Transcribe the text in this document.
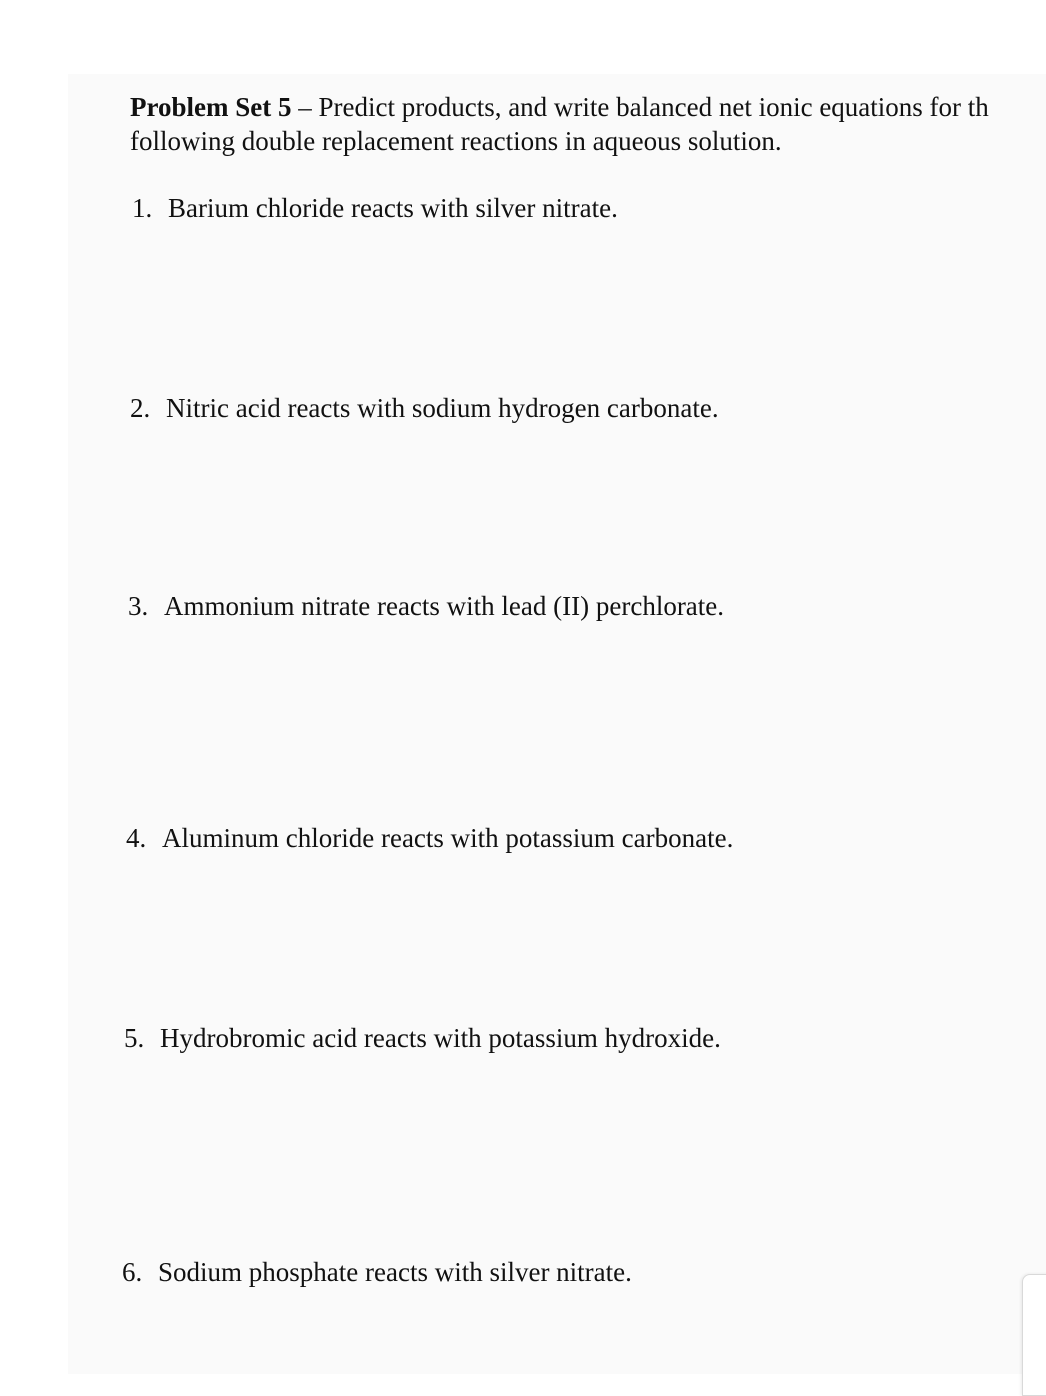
Problem Set 5 – Predict products, and write balanced net ionic equations for th
following double replacement reactions in aqueous solution.
1. Barium chloride reacts with silver nitrate.
2. Nitric acid reacts with sodium hydrogen carbonate.
3. Ammonium nitrate reacts with lead (II) perchlorate.
4. Aluminum chloride reacts with potassium carbonate.
5. Hydrobromic acid reacts with potassium hydroxide.
6. Sodium phosphate reacts with silver nitrate.
